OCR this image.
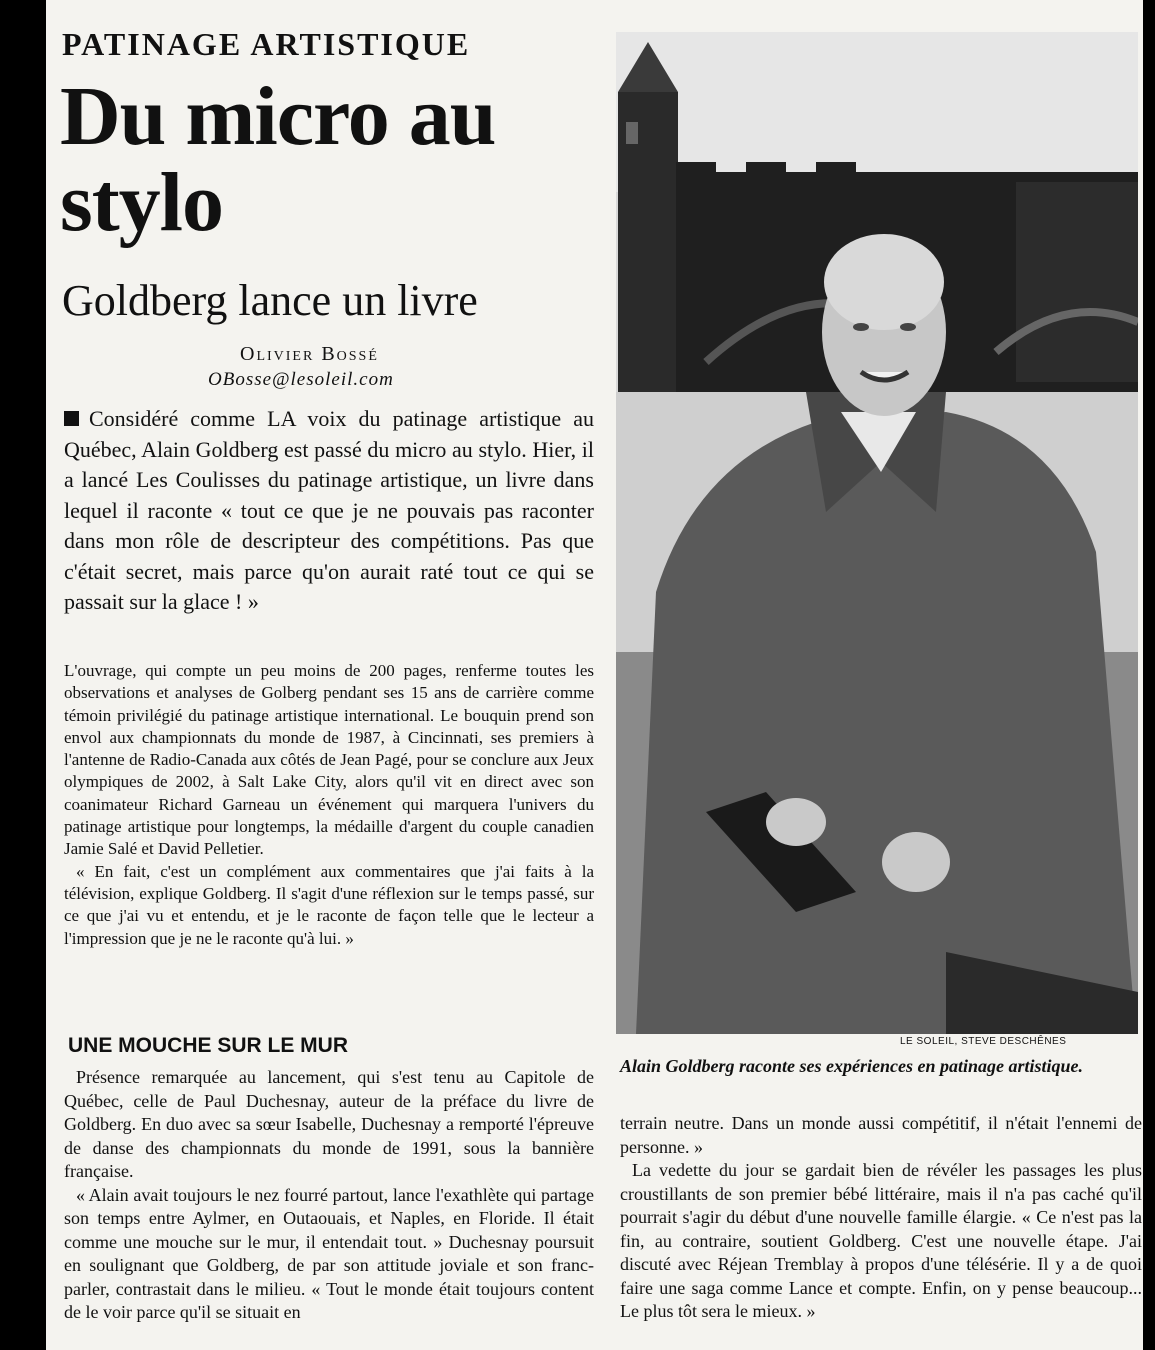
PATINAGE ARTISTIQUE
Du micro au stylo
Goldberg lance un livre
Olivier Bossé
OBosse@lesoleil.com
Considéré comme LA voix du patinage artistique au Québec, Alain Goldberg est passé du micro au stylo. Hier, il a lancé Les Coulisses du patinage artistique, un livre dans lequel il raconte « tout ce que je ne pouvais pas raconter dans mon rôle de descripteur des compétitions. Pas que c'était secret, mais parce qu'on aurait raté tout ce qui se passait sur la glace ! »

L'ouvrage, qui compte un peu moins de 200 pages, renferme toutes les observations et analyses de Golberg pendant ses 15 ans de carrière comme témoin privilégié du patinage artistique international. Le bouquin prend son envol aux championnats du monde de 1987, à Cincinnati, ses premiers à l'antenne de Radio-Canada aux côtés de Jean Pagé, pour se conclure aux Jeux olympiques de 2002, à Salt Lake City, alors qu'il vit en direct avec son coanimateur Richard Garneau un événement qui marquera l'univers du patinage artistique pour longtemps, la médaille d'argent du couple canadien Jamie Salé et David Pelletier.

« En fait, c'est un complément aux commentaires que j'ai faits à la télévision, explique Goldberg. Il s'agit d'une réflexion sur le temps passé, sur ce que j'ai vu et entendu, et je le raconte de façon telle que le lecteur a l'impression que je ne le raconte qu'à lui. »

UNE MOUCHE SUR LE MUR

Présence remarquée au lancement, qui s'est tenu au Capitole de Québec, celle de Paul Duchesnay, auteur de la préface du livre de Goldberg. En duo avec sa sœur Isabelle, Duchesnay a remporté l'épreuve de danse des championnats du monde de 1991, sous la bannière française.

« Alain avait toujours le nez fourré partout, lance l'exathlète qui partage son temps entre Aylmer, en Outaouais, et Naples, en Floride. Il était comme une mouche sur le mur, il entendait tout. » Duchesnay poursuit en soulignant que Goldberg, de par son attitude joviale et son franc-parler, contrastait dans le milieu. « Tout le monde était toujours content de le voir parce qu'il se situait en

terrain neutre. Dans un monde aussi compétitif, il n'était l'ennemi de personne. »

La vedette du jour se gardait bien de révéler les passages les plus croustillants de son premier bébé littéraire, mais il n'a pas caché qu'il pourrait s'agir du début d'une nouvelle famille élargie. « Ce n'est pas la fin, au contraire, soutient Goldberg. C'est une nouvelle étape. J'ai discuté avec Réjean Tremblay à propos d'une télésérie. Il y a de quoi faire une saga comme Lance et compte. Enfin, on y pense beaucoup... Le plus tôt sera le mieux. »

LE SOLEIL, STEVE DESCHÊNES
Alain Goldberg raconte ses expériences en patinage artistique.
